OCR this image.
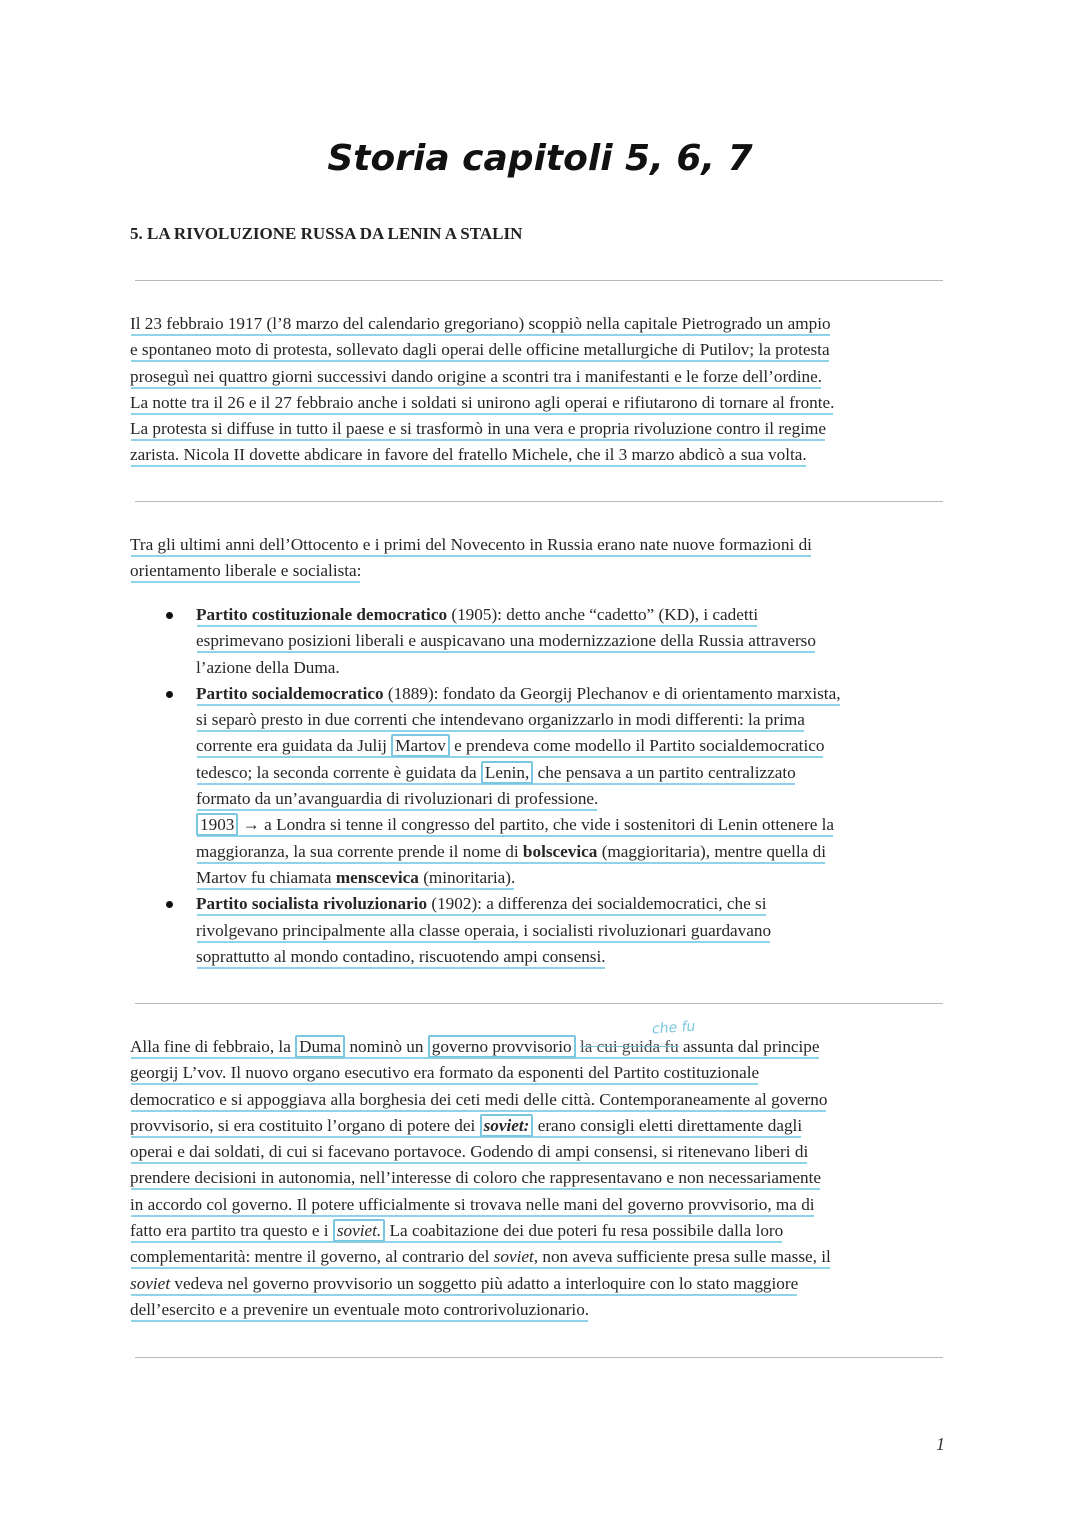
Storia capitoli 5, 6, 7
5. LA RIVOLUZIONE RUSSA DA LENIN A STALIN

Il 23 febbraio 1917 (l’8 marzo del calendario gregoriano) scoppiò nella capitale Pietrogrado un ampio

e spontaneo moto di protesta, sollevato dagli operai delle officine metallurgiche di Putilov; la protesta

proseguì nei quattro giorni successivi dando origine a scontri tra i manifestanti e le forze dell’ordine.

La notte tra il 26 e il 27 febbraio anche i soldati si unirono agli operai e rifiutarono di tornare al fronte.

La protesta si diffuse in tutto il paese e si trasformò in una vera e propria rivoluzione contro il regime

zarista. Nicola II dovette abdicare in favore del fratello Michele, che il 3 marzo abdicò a sua volta.

Tra gli ultimi anni dell’Ottocento e i primi del Novecento in Russia erano nate nuove formazioni di

orientamento liberale e socialista:

Partito costituzionale democratico (1905): detto anche “cadetto” (KD), i cadetti
esprimevano posizioni liberali e auspicavano una modernizzazione della Russia attraverso
l’azione della Duma.
Partito socialdemocratico (1889): fondato da Georgij Plechanov e di orientamento marxista,
si separò presto in due correnti che intendevano organizzarlo in modi differenti: la prima
corrente era guidata da Julij Martov e prendeva come modello il Partito socialdemocratico
tedesco; la seconda corrente è guidata da Lenin, che pensava a un partito centralizzato
formato da un’avanguardia di rivoluzionari di professione.
1903 → a Londra si tenne il congresso del partito, che vide i sostenitori di Lenin ottenere la
maggioranza, la sua corrente prende il nome di bolscevica (maggioritaria), mentre quella di
Martov fu chiamata menscevica (minoritaria).
Partito socialista rivoluzionario (1902): a differenza dei socialdemocratici, che si
rivolgevano principalmente alla classe operaia, i socialisti rivoluzionari guardavano
soprattutto al mondo contadino, riscuotendo ampi consensi.
che fu

Alla fine di febbraio, la Duma nominò un governo provvisorio la cui guida fu assunta dal principe

georgij L’vov. Il nuovo organo esecutivo era formato da esponenti del Partito costituzionale

democratico e si appoggiava alla borghesia dei ceti medi delle città. Contemporaneamente al governo

provvisorio, si era costituito l’organo di potere dei soviet: erano consigli eletti direttamente dagli

operai e dai soldati, di cui si facevano portavoce. Godendo di ampi consensi, si ritenevano liberi di

prendere decisioni in autonomia, nell’interesse di coloro che rappresentavano e non necessariamente

in accordo col governo. Il potere ufficialmente si trovava nelle mani del governo provvisorio, ma di

fatto era partito tra questo e i soviet. La coabitazione dei due poteri fu resa possibile dalla loro

complementarità: mentre il governo, al contrario del soviet, non aveva sufficiente presa sulle masse, il

soviet vedeva nel governo provvisorio un soggetto più adatto a interloquire con lo stato maggiore

dell’esercito e a prevenire un eventuale moto controrivoluzionario.

1
